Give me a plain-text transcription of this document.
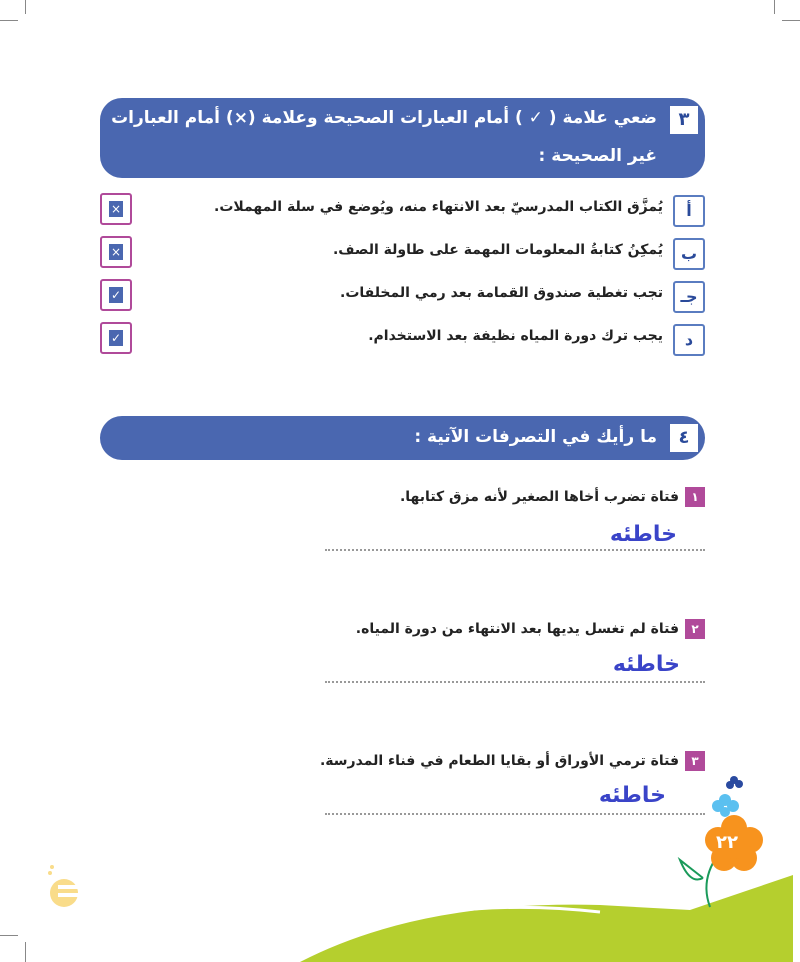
٣
ضعي علامة ( ✓ ) أمام العبارات الصحيحة وعلامة (×) أمام العبارات
غير الصحيحة :
أ
يُمزَّق الكتاب المدرسيّ بعد الانتهاء منه، ويُوضع في سلة المهملات.
×
ب
يُمكِنُ كتابةُ المعلومات المهمة على طاولة الصف.
×
جـ
تجب تغطية صندوق القمامة بعد رمي المخلفات.
✓
د
يجب ترك دورة المياه نظيفة بعد الاستخدام.
✓
٤
ما رأيك في التصرفات الآتية :
١فتاة تضرب أخاها الصغير لأنه مزق كتابها.
خاطئه
٢فتاة لم تغسل يديها بعد الانتهاء من دورة المياه.
خاطئه
٣فتاة ترمي الأوراق أو بقايا الطعام في فناء المدرسة.
خاطئه
٢٢
